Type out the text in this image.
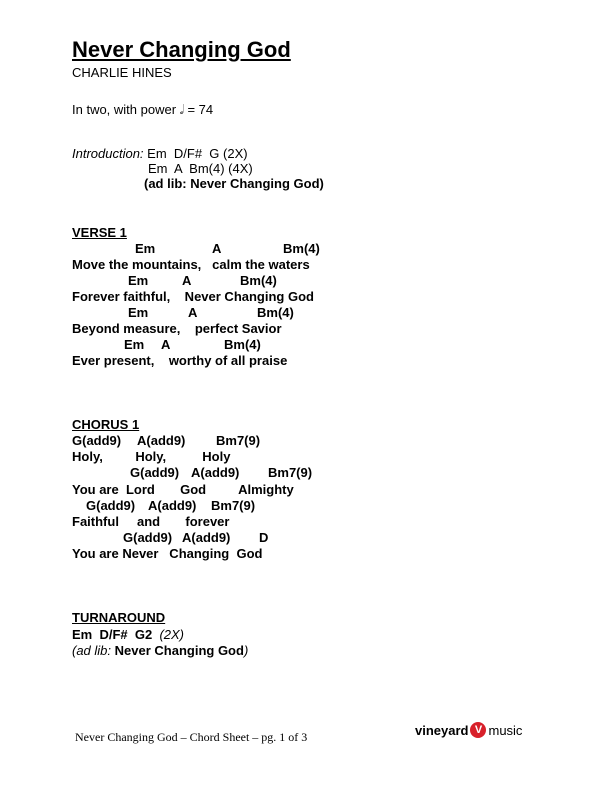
Never Changing God
CHARLIE HINES
In two, with power 𝅗𝅥 = 74
Introduction: Em  D/F#  G (2X)
Em  A  Bm(4) (4X)
(ad lib: Never Changing God)
VERSE 1
Em	A	Bm(4)
Move the mountains,   calm the waters
Em	A	Bm(4)
Forever faithful,    Never Changing God
Em	A	Bm(4)
Beyond measure,    perfect Savior
Em A	Bm(4)
Ever present,    worthy of all praise
CHORUS 1
G(add9) A(add9) Bm7(9)
Holy,         Holy,          Holy
G(add9) A(add9) Bm7(9)
You are  Lord       God         Almighty
G(add9) A(add9) Bm7(9)
Faithful     and       forever
G(add9) A(add9) D
You are Never   Changing  God
TURNAROUND
Em  D/F#  G2 (2X)
(ad lib: Never Changing God)
Never Changing God – Chord Sheet – pg. 1 of 3	vineyard V music
